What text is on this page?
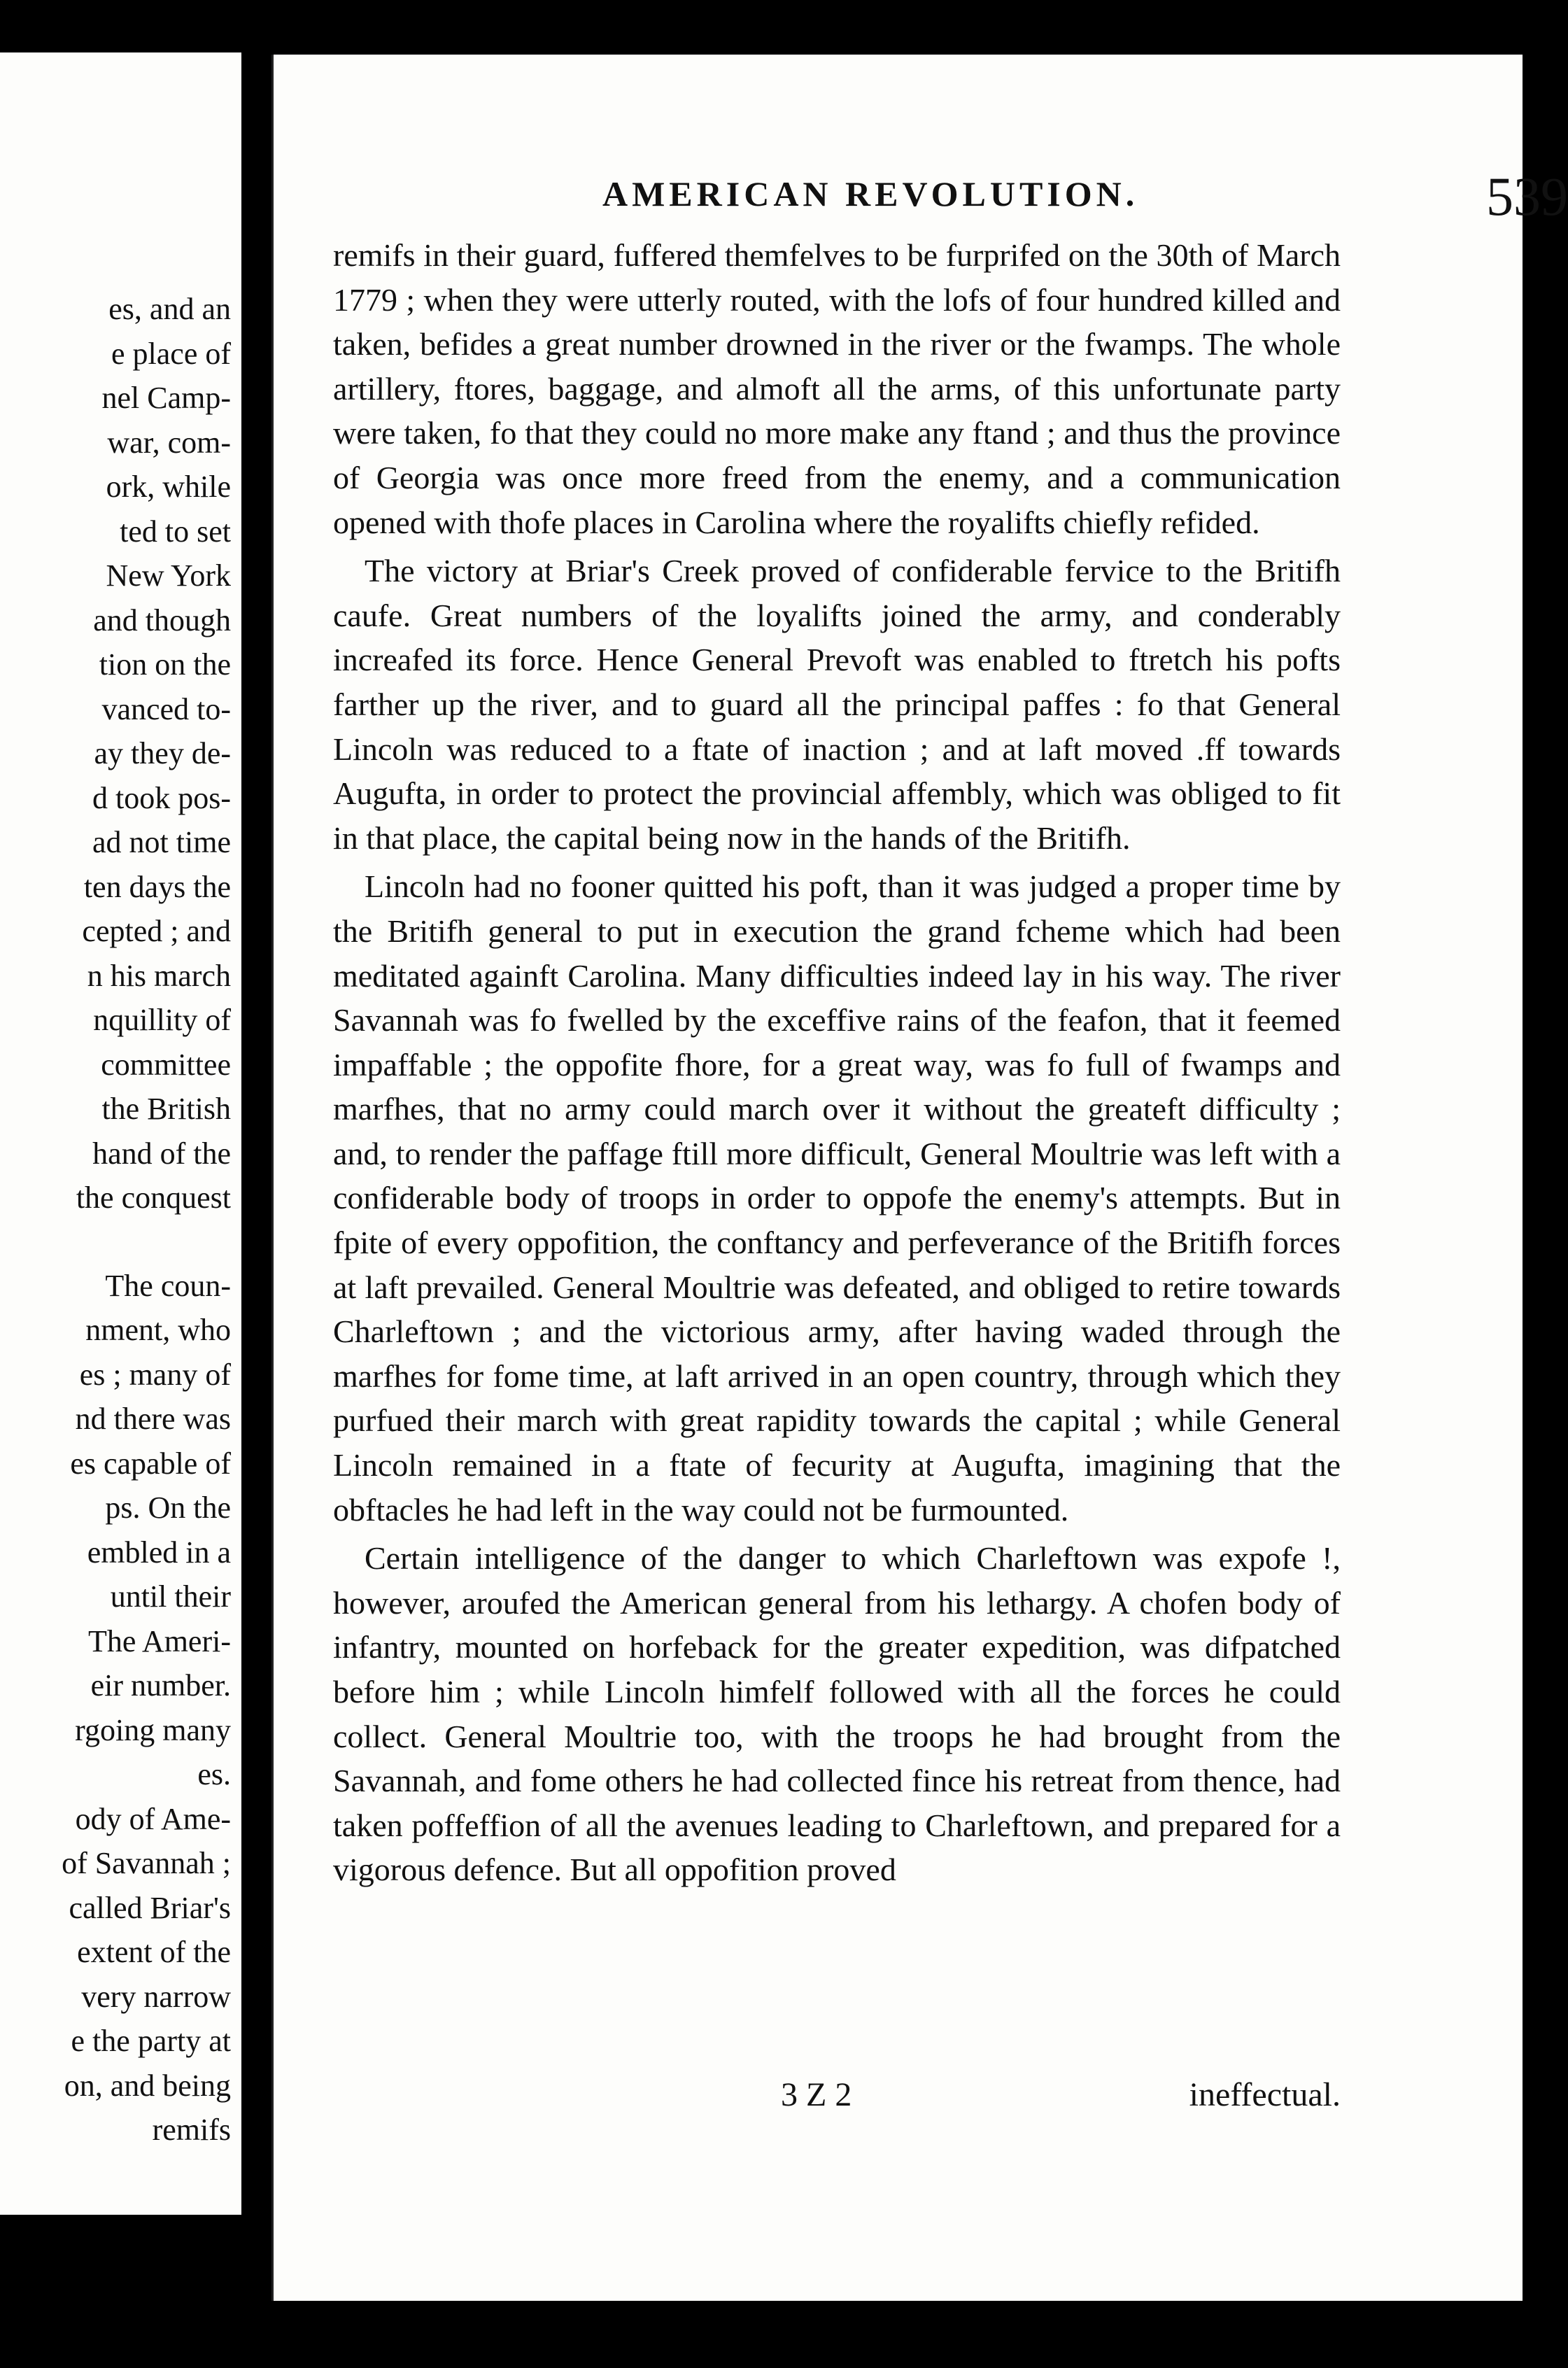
es, and an
e place of
nel Camp-
war, com-
ork, while
ted to set
New York
and though
tion on the
vanced to-
ay they de-
d took pos-
ad not time
ten days the
cepted ; and
n his march
nquillity of
committee
the British
hand of the
the conquest
The coun-
nment, who
es ; many of
nd there was
es capable of
ps. On the
embled in a
until their
The Ameri-
eir number.
rgoing many
es.
ody of Ame-
of Savannah ;
called Briar's
extent of the
very narrow
e the party at
on, and being
remifs
AMERICAN REVOLUTION.	539

remifs in their guard, fuffered themfelves to be furprifed on the 30th of March 1779 ; when they were utterly routed, with the lofs of four hundred killed and taken, befides a great number drowned in the river or the fwamps. The whole artillery, ftores, baggage, and almoft all the arms, of this unfortunate party were taken, fo that they could no more make any ftand ; and thus the province of Georgia was once more freed from the enemy, and a communication opened with thofe places in Carolina where the royalifts chiefly refided.

The victory at Briar's Creek proved of confiderable fervice to the Britifh caufe. Great numbers of the loyalifts joined the army, and conderably increafed its force. Hence General Prevoft was enabled to ftretch his pofts farther up the river, and to guard all the principal paffes : fo that General Lincoln was reduced to a ftate of inaction ; and at laft moved .ff towards Augufta, in order to protect the provincial affembly, which was obliged to fit in that place, the capital being now in the hands of the Britifh.

Lincoln had no fooner quitted his poft, than it was judged a proper time by the Britifh general to put in execution the grand fcheme which had been meditated againft Carolina. Many difficulties indeed lay in his way. The river Savannah was fo fwelled by the exceffive rains of the feafon, that it feemed impaffable ; the oppofite fhore, for a great way, was fo full of fwamps and marfhes, that no army could march over it without the greateft difficulty ; and, to render the paffage ftill more difficult, General Moultrie was left with a confiderable body of troops in order to oppofe the enemy's attempts. But in fpite of every oppofition, the conftancy and perfeverance of the Britifh forces at laft prevailed. General Moultrie was defeated, and obliged to retire towards Charleftown ; and the victorious army, after having waded through the marfhes for fome time, at laft arrived in an open country, through which they purfued their march with great rapidity towards the capital ; while General Lincoln remained in a ftate of fecurity at Augufta, imagining that the obftacles he had left in the way could not be furmounted.

Certain intelligence of the danger to which Charleftown was expofe !, however, aroufed the American general from his lethargy. A chofen body of infantry, mounted on horfeback for the greater expedition, was difpatched before him ; while Lincoln himfelf followed with all the forces he could collect. General Moultrie too, with the troops he had brought from the Savannah, and fome others he had collected fince his retreat from thence, had taken poffeffion of all the avenues leading to Charleftown, and prepared for a vigorous defence. But all oppofition proved

3 Z 2	ineffectual.
